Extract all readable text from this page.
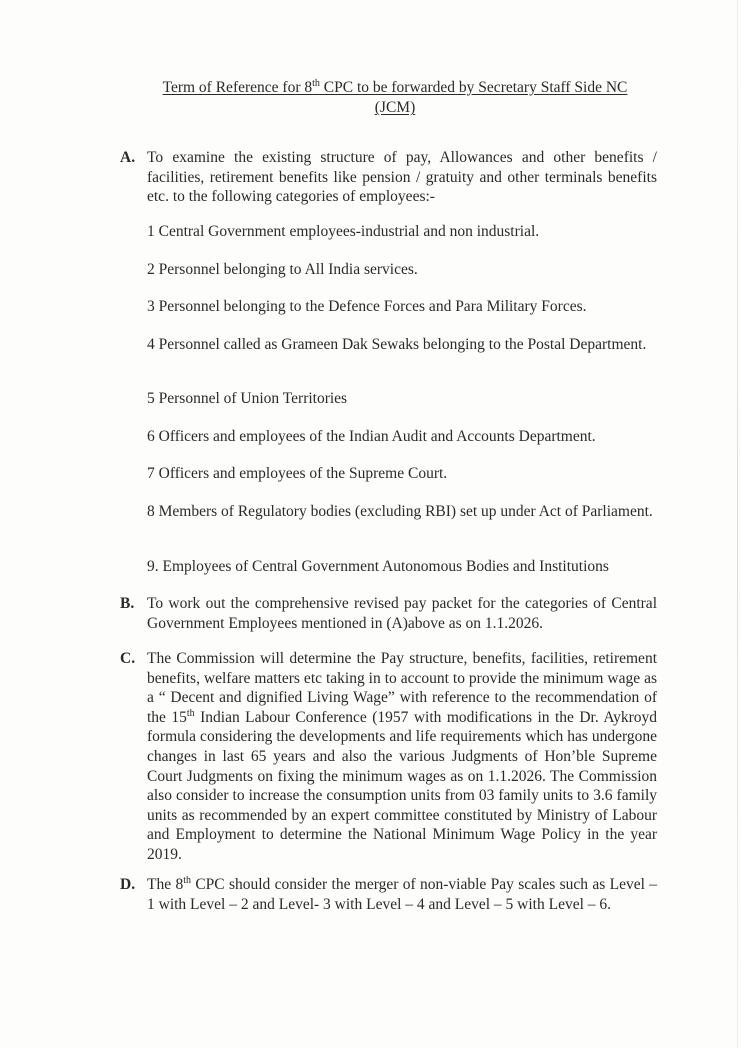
Term of Reference for 8th CPC to be forwarded by Secretary Staff Side NC
(JCM)
A. To examine the existing structure of pay, Allowances and other benefits / facilities, retirement benefits like pension / gratuity and other terminals benefits etc. to the following categories of employees:-
1 Central Government employees-industrial and non industrial.
2 Personnel belonging to All India services.
3 Personnel belonging to the Defence Forces and Para Military Forces.
4 Personnel called as Grameen Dak Sewaks belonging to the Postal Department.
5 Personnel of Union Territories
6 Officers and employees of the Indian Audit and Accounts Department.
7 Officers and employees of the Supreme Court.
8 Members of Regulatory bodies (excluding RBI) set up under Act of Parliament.
9. Employees of Central Government Autonomous Bodies and Institutions
B. To work out the comprehensive revised pay packet for the categories of Central Government Employees mentioned in (A)above as on 1.1.2026.
C. The Commission will determine the Pay structure, benefits, facilities, retirement benefits, welfare matters etc taking in to account to provide the minimum wage as a “ Decent and dignified Living Wage” with reference to the recommendation of the 15th Indian Labour Conference (1957 with modifications in the Dr. Aykroyd formula considering the developments and life requirements which has undergone changes in last 65 years and also the various Judgments of Hon’ble Supreme Court Judgments on fixing the minimum wages as on 1.1.2026. The Commission also consider to increase the consumption units from 03 family units to 3.6 family units as recommended by an expert committee constituted by Ministry of Labour and Employment to determine the National Minimum Wage Policy in the year 2019.
D. The 8th CPC should consider the merger of non-viable Pay scales such as Level – 1 with Level – 2 and Level- 3 with Level – 4 and Level – 5 with Level – 6.
